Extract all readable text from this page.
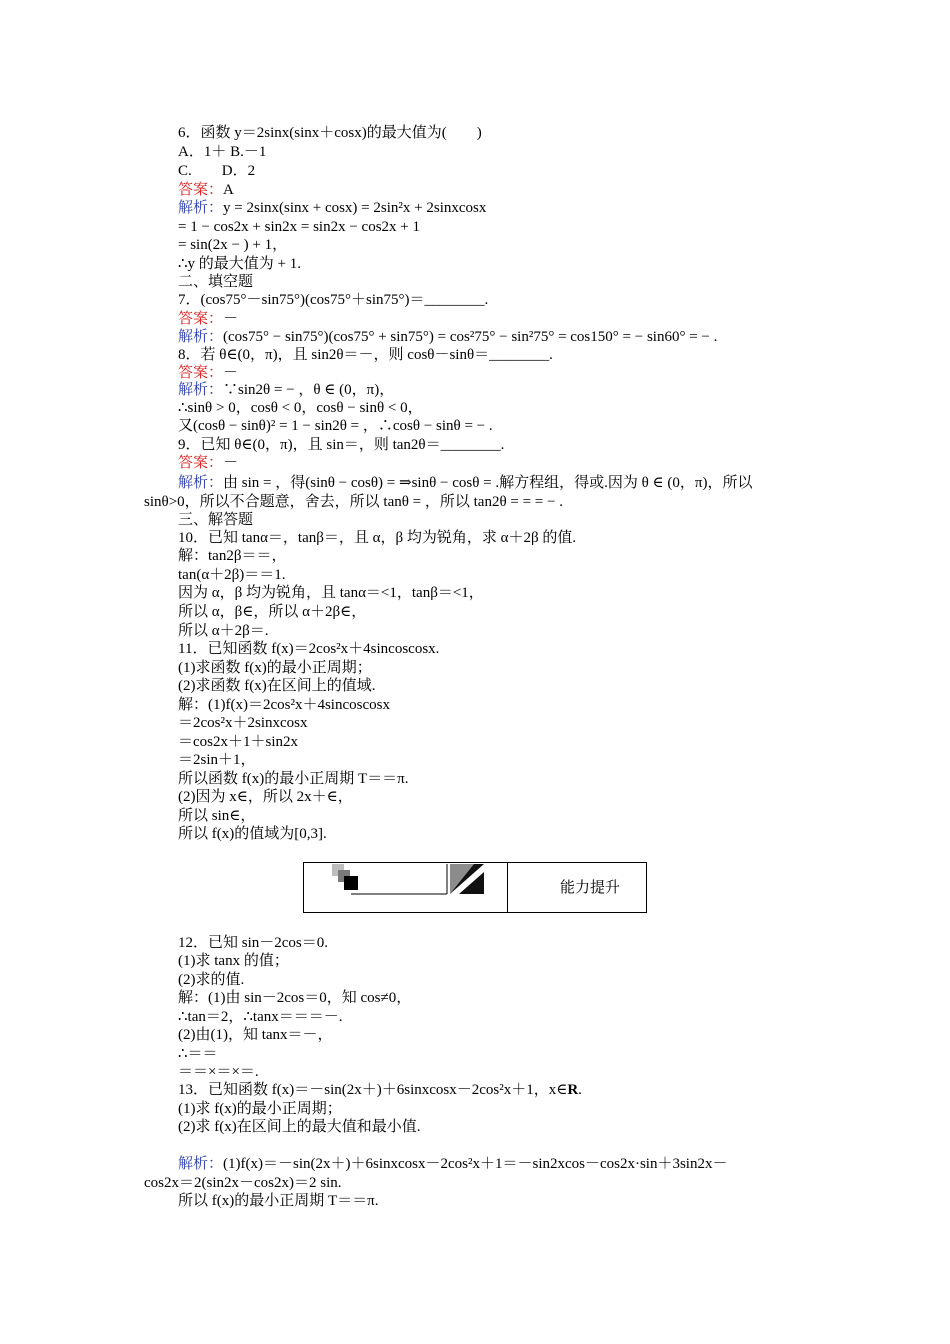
6．函数 y＝2sinx(sinx＋cosx)的最大值为(　　)
A．1＋ B.－1
C.　　D．2
答案：A
解析：y = 2sinx(sinx + cosx) = 2sin²x + 2sinxcosx
= 1 − cos2x + sin2x = sin2x − cos2x + 1
= sin(2x − ) + 1，
∴y 的最大值为 + 1.
二、填空题
7．(cos75°－sin75°)(cos75°＋sin75°)＝________.
答案：－
解析：(cos75° − sin75°)(cos75° + sin75°) = cos²75° − sin²75° = cos150° = − sin60° = − .
8．若 θ∈(0，π)，且 sin2θ＝－，则 cosθ－sinθ＝________.
答案：－
解析：∵sin2θ = − ，θ ∈ (0，π)，
∴sinθ > 0，cosθ < 0，cosθ − sinθ < 0，
又(cosθ − sinθ)² = 1 − sin2θ = ，∴cosθ − sinθ = − .
9．已知 θ∈(0，π)，且 sin＝，则 tan2θ＝________.
答案：－
解析：由 sin = ，得(sinθ − cosθ) = ⇒sinθ − cosθ = .解方程组，得或.因为 θ ∈ (0，π)，所以
sinθ>0，所以不合题意，舍去，所以 tanθ = ，所以 tan2θ = = = − .
三、解答题
10．已知 tanα＝，tanβ＝，且 α，β 均为锐角，求 α＋2β 的值.
解：tan2β＝＝，
tan(α＋2β)＝＝1.
因为 α，β 均为锐角，且 tanα＝<1，tanβ＝<1，
所以 α，β∈，所以 α＋2β∈，
所以 α＋2β＝.
11．已知函数 f(x)＝2cos²x＋4sincoscosx.
(1)求函数 f(x)的最小正周期；
(2)求函数 f(x)在区间上的值域.
解：(1)f(x)＝2cos²x＋4sincoscosx
＝2cos²x＋2sinxcosx
＝cos2x＋1＋sin2x
＝2sin＋1，
所以函数 f(x)的最小正周期 T＝＝π.
(2)因为 x∈，所以 2x＋∈，
所以 sin∈，
所以 f(x)的值域为[0,3].
12．已知 sin－2cos＝0.
(1)求 tanx 的值；
(2)求的值.
解：(1)由 sin－2cos＝0，知 cos≠0，
∴tan＝2，∴tanx＝＝＝－.
(2)由(1)，知 tanx＝－，
∴＝＝
＝＝×＝×＝.
13．已知函数 f(x)＝－sin(2x＋)＋6sinxcosx－2cos²x＋1，x∈R.
(1)求 f(x)的最小正周期；
(2)求 f(x)在区间上的最大值和最小值.
解析：(1)f(x)＝－sin(2x＋)＋6sinxcosx－2cos²x＋1＝－sin2xcos－cos2x·sin＋3sin2x－
cos2x＝2(sin2x－cos2x)＝2 sin.
所以 f(x)的最小正周期 T＝＝π.
能力提升
